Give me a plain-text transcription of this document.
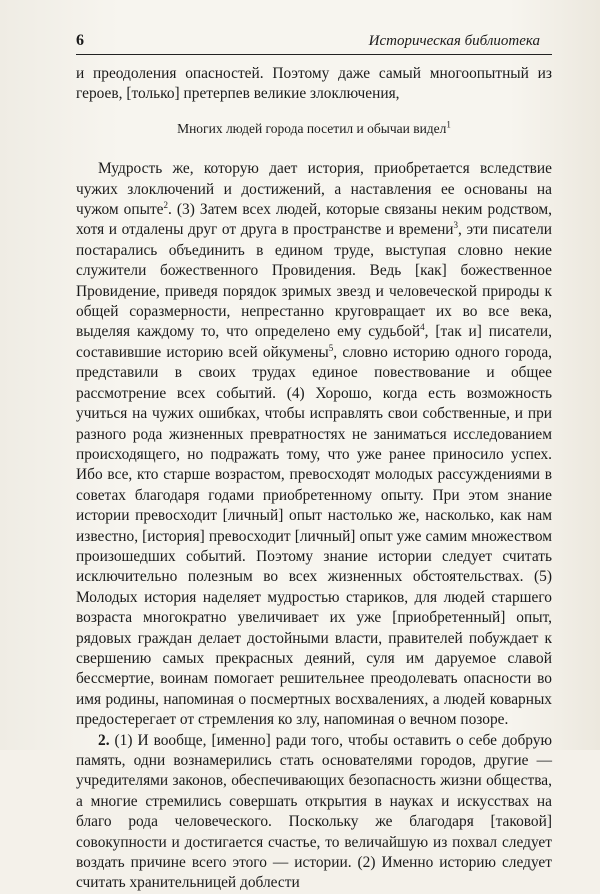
6	Историческая библиотека

и преодоления опасностей. Поэтому даже самый многоопытный из героев, [только] претерпев великие злоключения,

Многих людей города посетил и обычаи видел$^1$

Мудрость же, которую дает история, приобретается вследствие чужих злоключений и достижений, а наставления ее основаны на чужом опыте$^2$. (3) Затем всех людей, которые связаны неким родством, хотя и отдалены друг от друга в пространстве и времени$^3$, эти писатели постарались объединить в едином труде, выступая словно некие служители божественного Провидения. Ведь [как] божественное Провидение, приведя порядок зримых звезд и человеческой природы к общей соразмерности, непрестанно круговращает их во все века, выделяя каждому то, что определено ему судьбой$^4$, [так и] писатели, составившие историю всей ойкумены$^5$, словно историю одного города, представили в своих трудах единое повествование и общее рассмотрение всех событий. (4) Хорошо, когда есть возможность учиться на чужих ошибках, чтобы исправлять свои собственные, и при разного рода жизненных превратностях не заниматься исследованием происходящего, но подражать тому, что уже ранее приносило успех. Ибо все, кто старше возрастом, превосходят молодых рассуждениями в советах благодаря годами приобретенному опыту. При этом знание истории превосходит [личный] опыт настолько же, насколько, как нам известно, [история] превосходит [личный] опыт уже самим множеством произошедших событий. Поэтому знание истории следует считать исключительно полезным во всех жизненных обстоятельствах. (5) Молодых история наделяет мудростью стариков, для людей старшего возраста многократно увеличивает их уже [приобретенный] опыт, рядовых граждан делает достойными власти, правителей побуждает к свершению самых прекрасных деяний, суля им даруемое славой бессмертие, воинам помогает решительнее преодолевать опасности во имя родины, напоминая о посмертных восхвалениях, а людей коварных предостерегает от стремления ко злу, напоминая о вечном позоре.

2. (1) И вообще, [именно] ради того, чтобы оставить о себе добрую память, одни вознамерились стать основателями городов, другие — учредителями законов, обеспечивающих безопасность жизни общества, а многие стремились совершать открытия в науках и искусствах на благо рода человеческого. Поскольку же благодаря [таковой] совокупности и достигается счастье, то величайшую из похвал следует воздать причине всего этого — истории. (2) Именно историю следует считать хранительницей доблести
